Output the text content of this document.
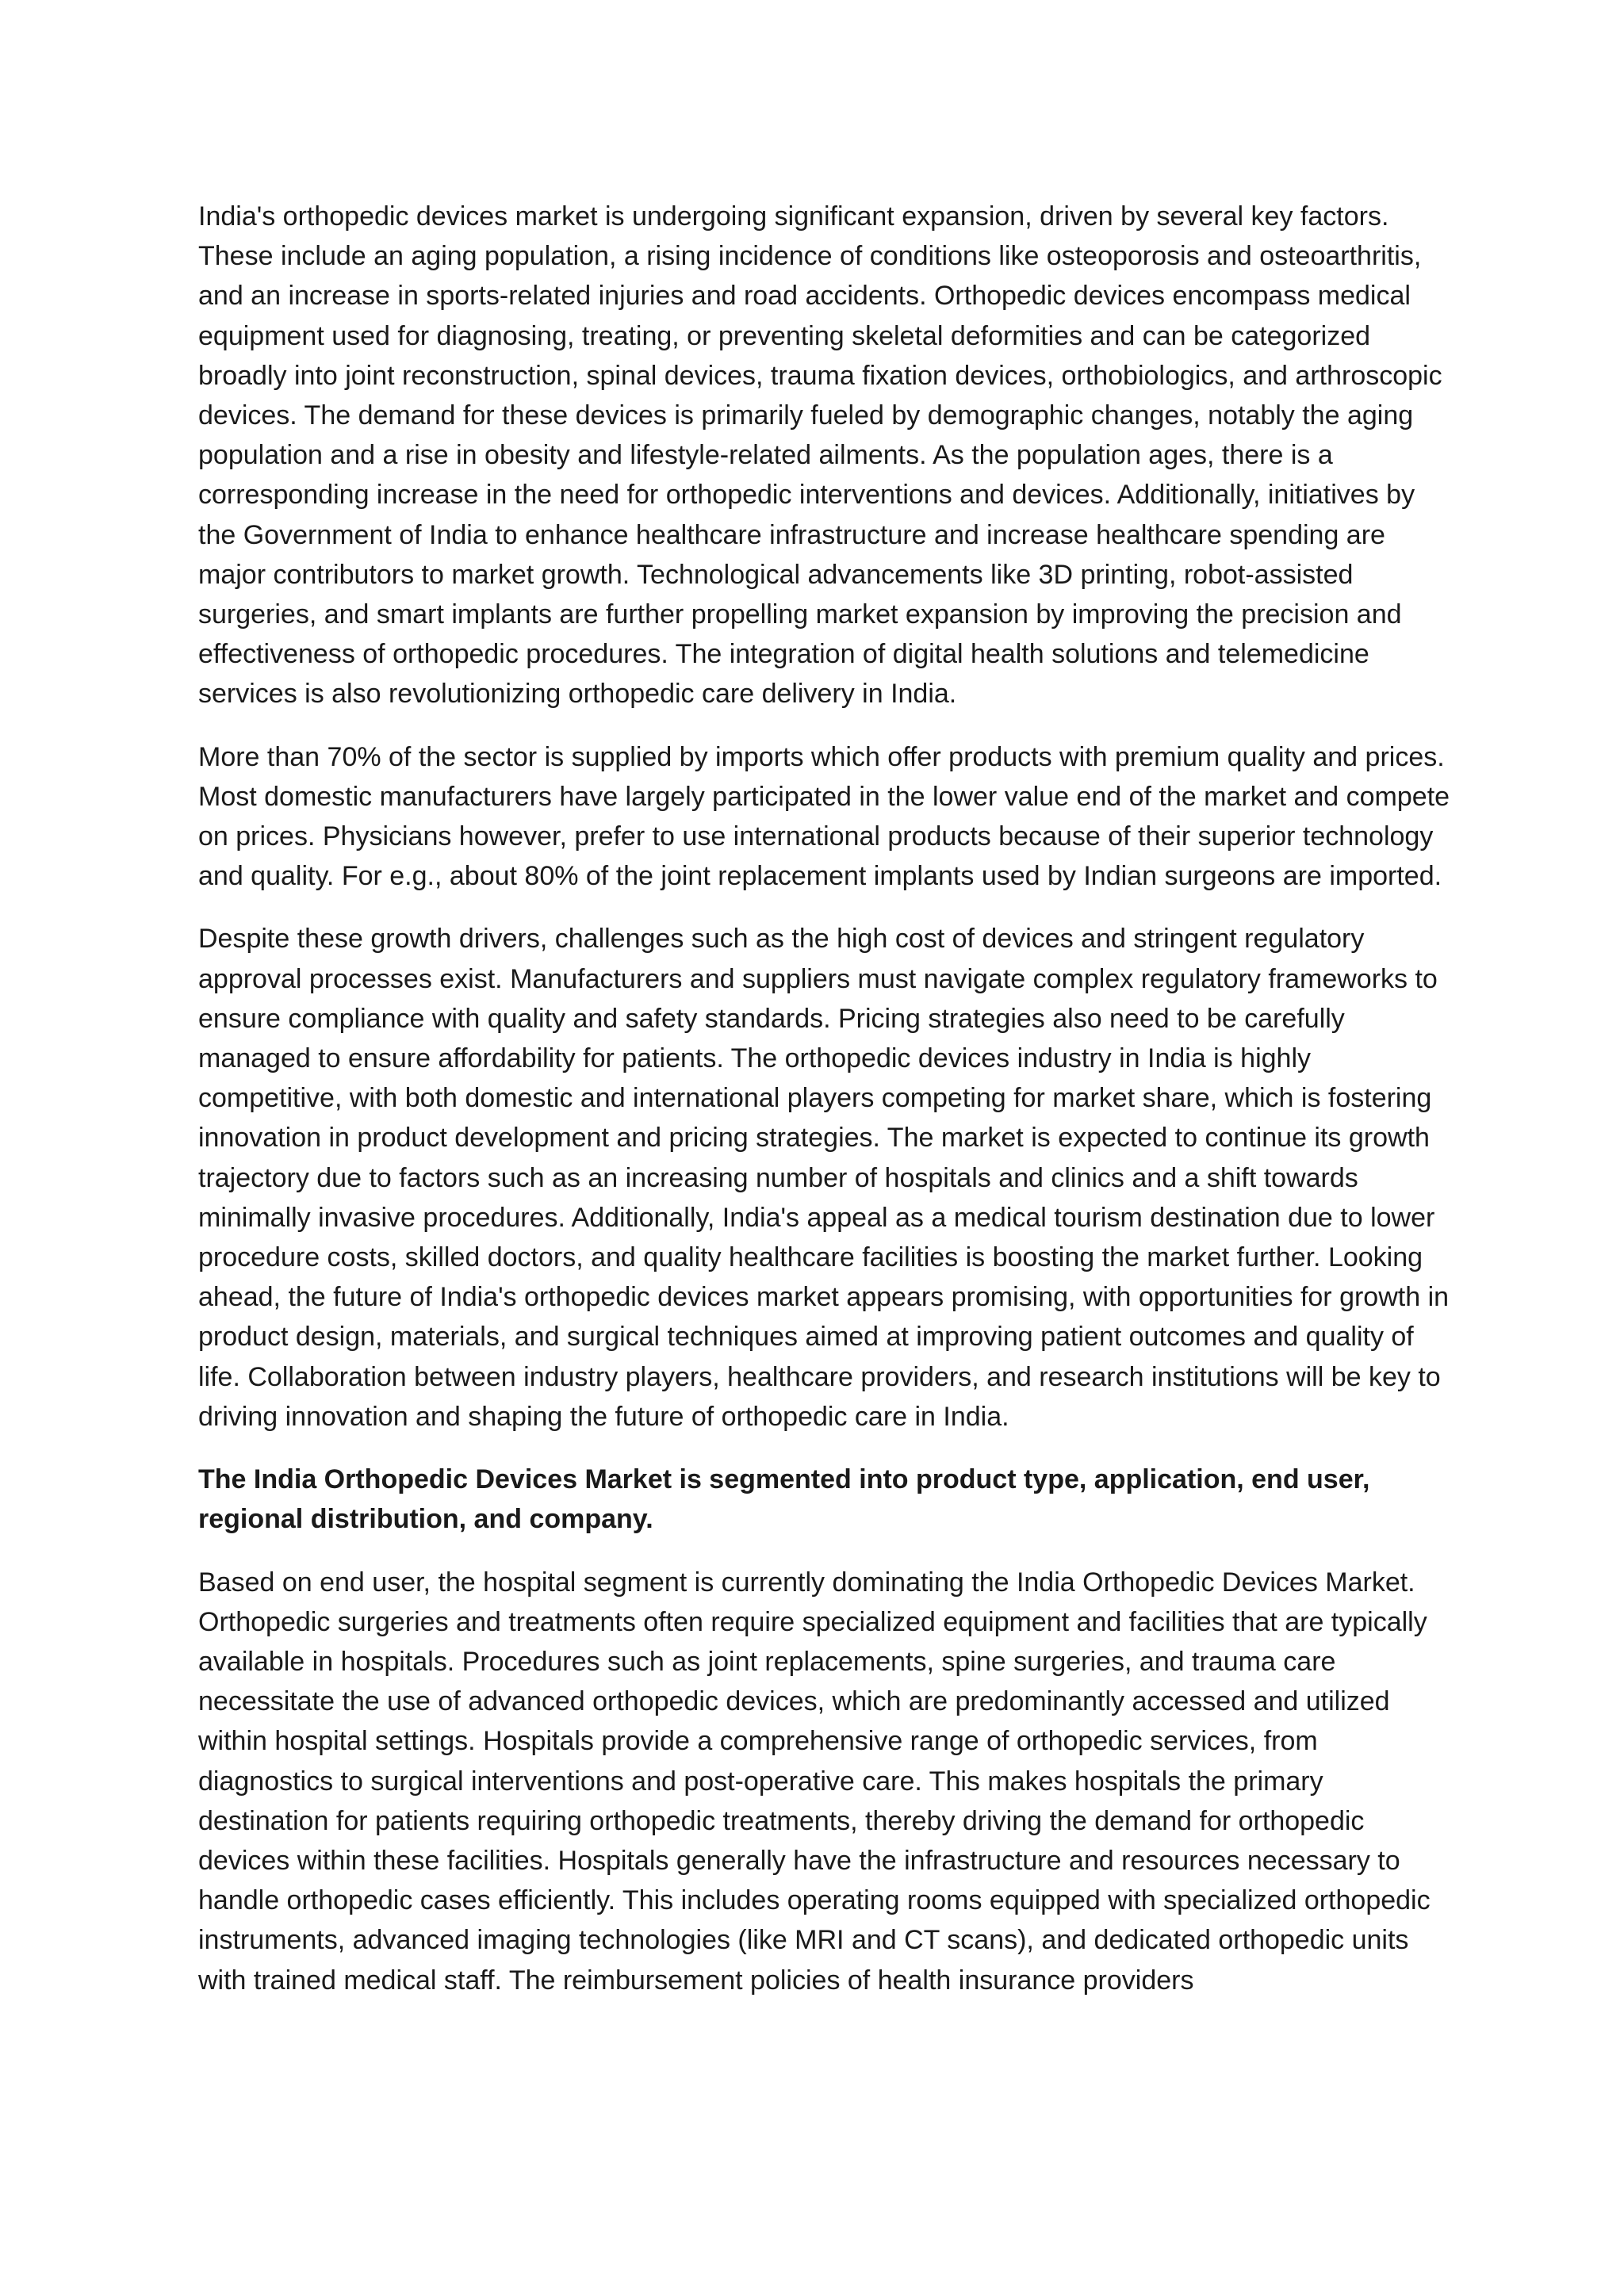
India's orthopedic devices market is undergoing significant expansion, driven by several key factors. These include an aging population, a rising incidence of conditions like osteoporosis and osteoarthritis, and an increase in sports-related injuries and road accidents. Orthopedic devices encompass medical equipment used for diagnosing, treating, or preventing skeletal deformities and can be categorized broadly into joint reconstruction, spinal devices, trauma fixation devices, orthobiologics, and arthroscopic devices. The demand for these devices is primarily fueled by demographic changes, notably the aging population and a rise in obesity and lifestyle-related ailments. As the population ages, there is a corresponding increase in the need for orthopedic interventions and devices. Additionally, initiatives by the Government of India to enhance healthcare infrastructure and increase healthcare spending are major contributors to market growth. Technological advancements like 3D printing, robot-assisted surgeries, and smart implants are further propelling market expansion by improving the precision and effectiveness of orthopedic procedures. The integration of digital health solutions and telemedicine services is also revolutionizing orthopedic care delivery in India.

More than 70% of the sector is supplied by imports which offer products with premium quality and prices. Most domestic manufacturers have largely participated in the lower value end of the market and compete on prices. Physicians however, prefer to use international products because of their superior technology and quality. For e.g., about 80% of the joint replacement implants used by Indian surgeons are imported.

Despite these growth drivers, challenges such as the high cost of devices and stringent regulatory approval processes exist. Manufacturers and suppliers must navigate complex regulatory frameworks to ensure compliance with quality and safety standards. Pricing strategies also need to be carefully managed to ensure affordability for patients. The orthopedic devices industry in India is highly competitive, with both domestic and international players competing for market share, which is fostering innovation in product development and pricing strategies. The market is expected to continue its growth trajectory due to factors such as an increasing number of hospitals and clinics and a shift towards minimally invasive procedures. Additionally, India's appeal as a medical tourism destination due to lower procedure costs, skilled doctors, and quality healthcare facilities is boosting the market further. Looking ahead, the future of India's orthopedic devices market appears promising, with opportunities for growth in product design, materials, and surgical techniques aimed at improving patient outcomes and quality of life. Collaboration between industry players, healthcare providers, and research institutions will be key to driving innovation and shaping the future of orthopedic care in India.

The India Orthopedic Devices Market is segmented into product type, application, end user, regional distribution, and company.

Based on end user, the hospital segment is currently dominating the India Orthopedic Devices Market. Orthopedic surgeries and treatments often require specialized equipment and facilities that are typically available in hospitals. Procedures such as joint replacements, spine surgeries, and trauma care necessitate the use of advanced orthopedic devices, which are predominantly accessed and utilized within hospital settings. Hospitals provide a comprehensive range of orthopedic services, from diagnostics to surgical interventions and post-operative care. This makes hospitals the primary destination for patients requiring orthopedic treatments, thereby driving the demand for orthopedic devices within these facilities. Hospitals generally have the infrastructure and resources necessary to handle orthopedic cases efficiently. This includes operating rooms equipped with specialized orthopedic instruments, advanced imaging technologies (like MRI and CT scans), and dedicated orthopedic units with trained medical staff. The reimbursement policies of health insurance providers
